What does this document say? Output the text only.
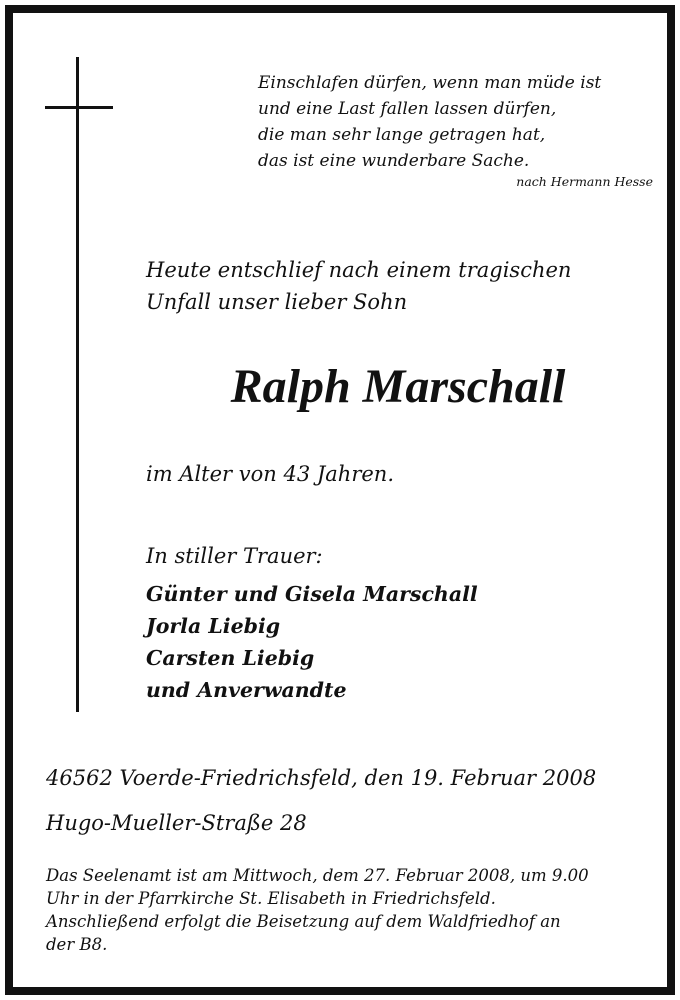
Einschlafen dürfen, wenn man müde ist
und eine Last fallen lassen dürfen,
die man sehr lange getragen hat,
das ist eine wunderbare Sache.
nach Hermann Hesse
Heute entschlief nach einem tragischen
Unfall unser lieber Sohn
Ralph Marschall
im Alter von 43 Jahren.
In stiller Trauer:
Günter und Gisela Marschall
Jorla Liebig
Carsten Liebig
und Anverwandte
46562 Voerde-Friedrichsfeld, den 19. Februar 2008
Hugo-Mueller-Straße 28
Das Seelenamt ist am Mittwoch, dem 27. Februar 2008, um 9.00
Uhr in der Pfarrkirche St. Elisabeth in Friedrichsfeld.
Anschließend erfolgt die Beisetzung auf dem Waldfriedhof an
der B8.
